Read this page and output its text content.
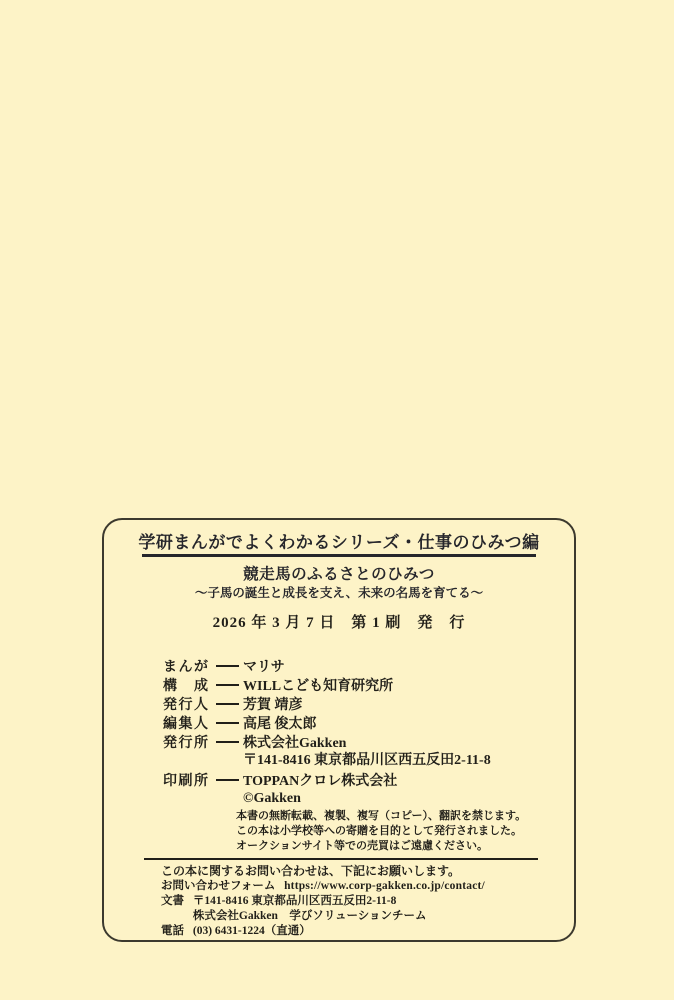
学研まんがでよくわかるシリーズ・仕事のひみつ編
競走馬のふるさとのひみつ
～子馬の誕生と成長を支え、未来の名馬を育てる～
2026 年 3 月 7 日　第 1 刷　発　行
まんが	マリサ
構　成	WILLこども知育研究所
発行人	芳賀 靖彦
編集人	高尾 俊太郎
発行所	株式会社Gakken
〒141-8416 東京都品川区西五反田2-11-8
印刷所	TOPPANクロレ株式会社
©Gakken
本書の無断転載、複製、複写（コピー）、翻訳を禁じます。
この本は小学校等への寄贈を目的として発行されました。
オークションサイト等での売買はご遠慮ください。
この本に関するお問い合わせは、下記にお願いします。
お問い合わせフォーム https://www.corp-gakken.co.jp/contact/
文書 〒141-8416 東京都品川区西五反田2-11-8
株式会社Gakken　学びソリューションチーム
電話 (03) 6431-1224（直通）
